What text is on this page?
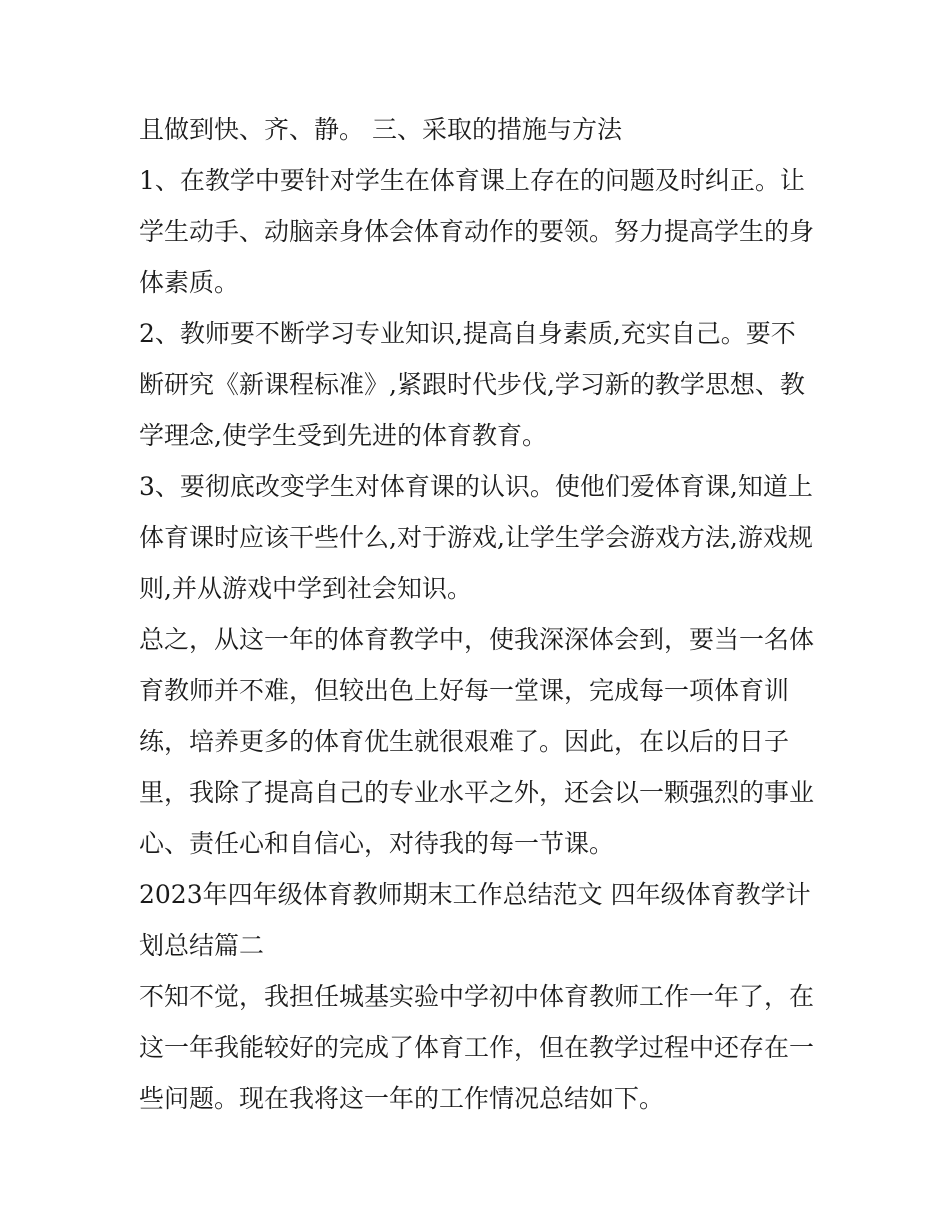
且做到快、齐、静。 三、采取的措施与方法

1、在教学中要针对学生在体育课上存在的问题及时纠正。让学生动手、动脑亲身体会体育动作的要领。努力提高学生的身体素质。

2、教师要不断学习专业知识,提高自身素质,充实自己。要不断研究《新课程标准》,紧跟时代步伐,学习新的教学思想、教学理念,使学生受到先进的体育教育。

3、要彻底改变学生对体育课的认识。使他们爱体育课,知道上体育课时应该干些什么,对于游戏,让学生学会游戏方法,游戏规则,并从游戏中学到社会知识。

总之，从这一年的体育教学中，使我深深体会到，要当一名体育教师并不难，但较出色上好每一堂课，完成每一项体育训练，培养更多的体育优生就很艰难了。因此，在以后的日子里，我除了提高自己的专业水平之外，还会以一颗强烈的事业心、责任心和自信心，对待我的每一节课。

2023年四年级体育教师期末工作总结范文 四年级体育教学计划总结篇二

不知不觉，我担任城基实验中学初中体育教师工作一年了，在这一年我能较好的完成了体育工作，但在教学过程中还存在一些问题。现在我将这一年的工作情况总结如下。
